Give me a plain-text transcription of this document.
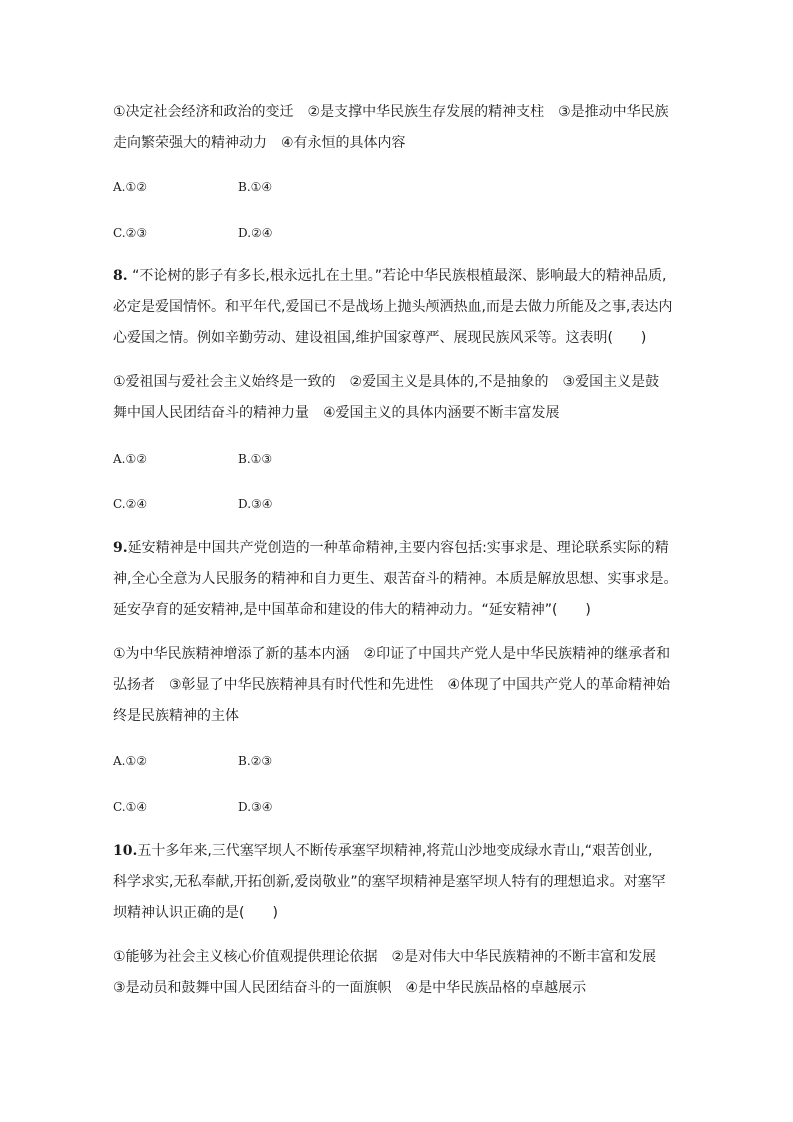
①决定社会经济和政治的变迁　②是支撑中华民族生存发展的精神支柱　③是推动中华民族
走向繁荣强大的精神动力　④有永恒的具体内容
A.①②	B.①④
C.②③	D.②④
8. “不论树的影子有多长,根永远扎在土里。”若论中华民族根植最深、影响最大的精神品质,
必定是爱国情怀。和平年代,爱国已不是战场上抛头颅洒热血,而是去做力所能及之事,表达内
心爱国之情。例如辛勤劳动、建设祖国,维护国家尊严、展现民族风采等。这表明(　　)
①爱祖国与爱社会主义始终是一致的　②爱国主义是具体的,不是抽象的　③爱国主义是鼓
舞中国人民团结奋斗的精神力量　④爱国主义的具体内涵要不断丰富发展
A.①②	B.①③
C.②④	D.③④
9.延安精神是中国共产党创造的一种革命精神,主要内容包括:实事求是、理论联系实际的精
神,全心全意为人民服务的精神和自力更生、艰苦奋斗的精神。本质是解放思想、实事求是。
延安孕育的延安精神,是中国革命和建设的伟大的精神动力。“延安精神”(　　)
①为中华民族精神增添了新的基本内涵　②印证了中国共产党人是中华民族精神的继承者和
弘扬者　③彰显了中华民族精神具有时代性和先进性　④体现了中国共产党人的革命精神始
终是民族精神的主体
A.①②	B.②③
C.①④	D.③④
10.五十多年来,三代塞罕坝人不断传承塞罕坝精神,将荒山沙地变成绿水青山,“艰苦创业,
科学求实,无私奉献,开拓创新,爱岗敬业”的塞罕坝精神是塞罕坝人特有的理想追求。对塞罕
坝精神认识正确的是(　　)
①能够为社会主义核心价值观提供理论依据　②是对伟大中华民族精神的不断丰富和发展
③是动员和鼓舞中国人民团结奋斗的一面旗帜　④是中华民族品格的卓越展示
